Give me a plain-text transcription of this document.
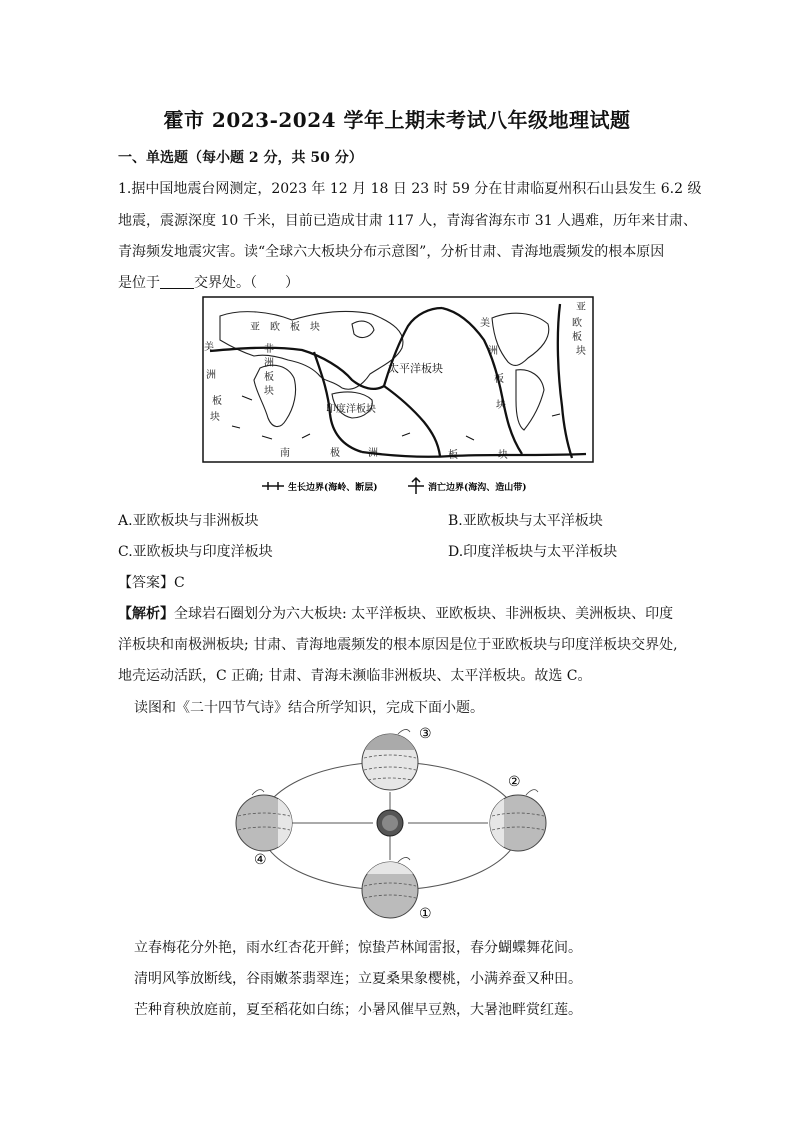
霍市 2023-2024 学年上期末考试八年级地理试题
一、单选题（每小题 2 分，共 50 分）
1.据中国地震台网测定，2023 年 12 月 18 日 23 时 59 分在甘肃临夏州积石山县发生 6.2 级
地震，震源深度 10 千米，目前已造成甘肃 117 人，青海省海东市 31 人遇难，历年来甘肃、
青海频发地震灾害。读“全球六大板块分布示意图”，分析甘肃、青海地震频发的根本原因
是位于 交界处。（　　）
亚　欧　板　块
太平洋板块
印度洋板块
美
洲
板
块
非
洲
板
块
南	极	洲	板	块
美
洲
板
块
亚
欧
板
块
生长边界(海岭、断层)	消亡边界(海沟、造山带)
A.亚欧板块与非洲板块	B.亚欧板块与太平洋板块
C.亚欧板块与印度洋板块	D.印度洋板块与太平洋板块
【答案】C
【解析】全球岩石圈划分为六大板块: 太平洋板块、亚欧板块、非洲板块、美洲板块、印度
洋板块和南极洲板块; 甘肃、青海地震频发的根本原因是位于亚欧板块与印度洋板块交界处,
地壳运动活跃，C 正确; 甘肃、青海未濒临非洲板块、太平洋板块。故选 C。
读图和《二十四节气诗》结合所学知识，完成下面小题。
③
②
④
①
立春梅花分外艳，雨水红杏花开鲜；惊蛰芦林闻雷报，春分蝴蝶舞花间。
清明风筝放断线，谷雨嫩茶翡翠连；立夏桑果象樱桃，小满养蚕又种田。
芒种育秧放庭前，夏至稻花如白练；小暑风催早豆熟，大暑池畔赏红莲。
